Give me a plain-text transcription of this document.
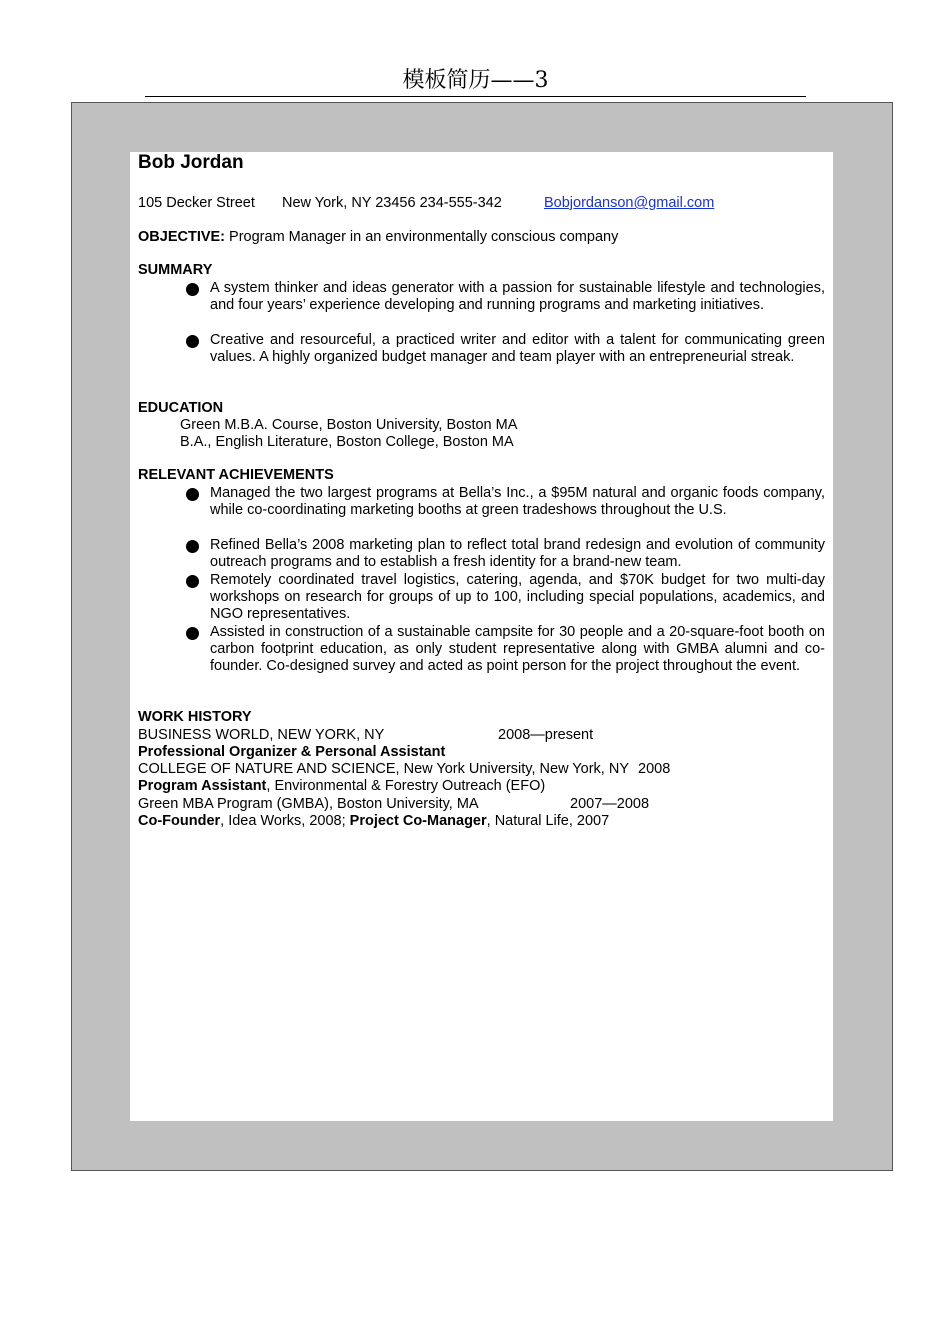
模板简历——3
Bob Jordan
105 Decker Street New York, NY 23456 234-555-342	Bobjordanson@gmail.com
OBJECTIVE: Program Manager in an environmentally conscious company
SUMMARY
A system thinker and ideas generator with a passion for sustainable lifestyle and technologies, and four years’ experience developing and running programs and marketing initiatives.
Creative and resourceful, a practiced writer and editor with a talent for communicating green values. A highly organized budget manager and team player with an entrepreneurial streak.
EDUCATION
Green M.B.A. Course, Boston University, Boston MA
B.A., English Literature, Boston College, Boston MA
RELEVANT ACHIEVEMENTS
Managed the two largest programs at Bella’s Inc., a $95M natural and organic foods company, while co-coordinating marketing booths at green tradeshows throughout the U.S.
Refined Bella’s 2008 marketing plan to reflect total brand redesign and evolution of community outreach programs and to establish a fresh identity for a brand-new team.
Remotely coordinated travel logistics, catering, agenda, and $70K budget for two multi-day workshops on research for groups of up to 100, including special populations, academics, and NGO representatives.
Assisted in construction of a sustainable campsite for 30 people and a 20-square-foot booth on carbon footprint education, as only student representative along with GMBA alumni and co-founder. Co-designed survey and acted as point person for the project throughout the event.
WORK HISTORY
BUSINESS WORLD, NEW YORK, NY	2008—present
Professional Organizer & Personal Assistant
COLLEGE OF NATURE AND SCIENCE, New York University, New York, NY 2008
Program Assistant, Environmental & Forestry Outreach (EFO)
Green MBA Program (GMBA), Boston University, MA	2007—2008
Co-Founder, Idea Works, 2008; Project Co-Manager, Natural Life, 2007
